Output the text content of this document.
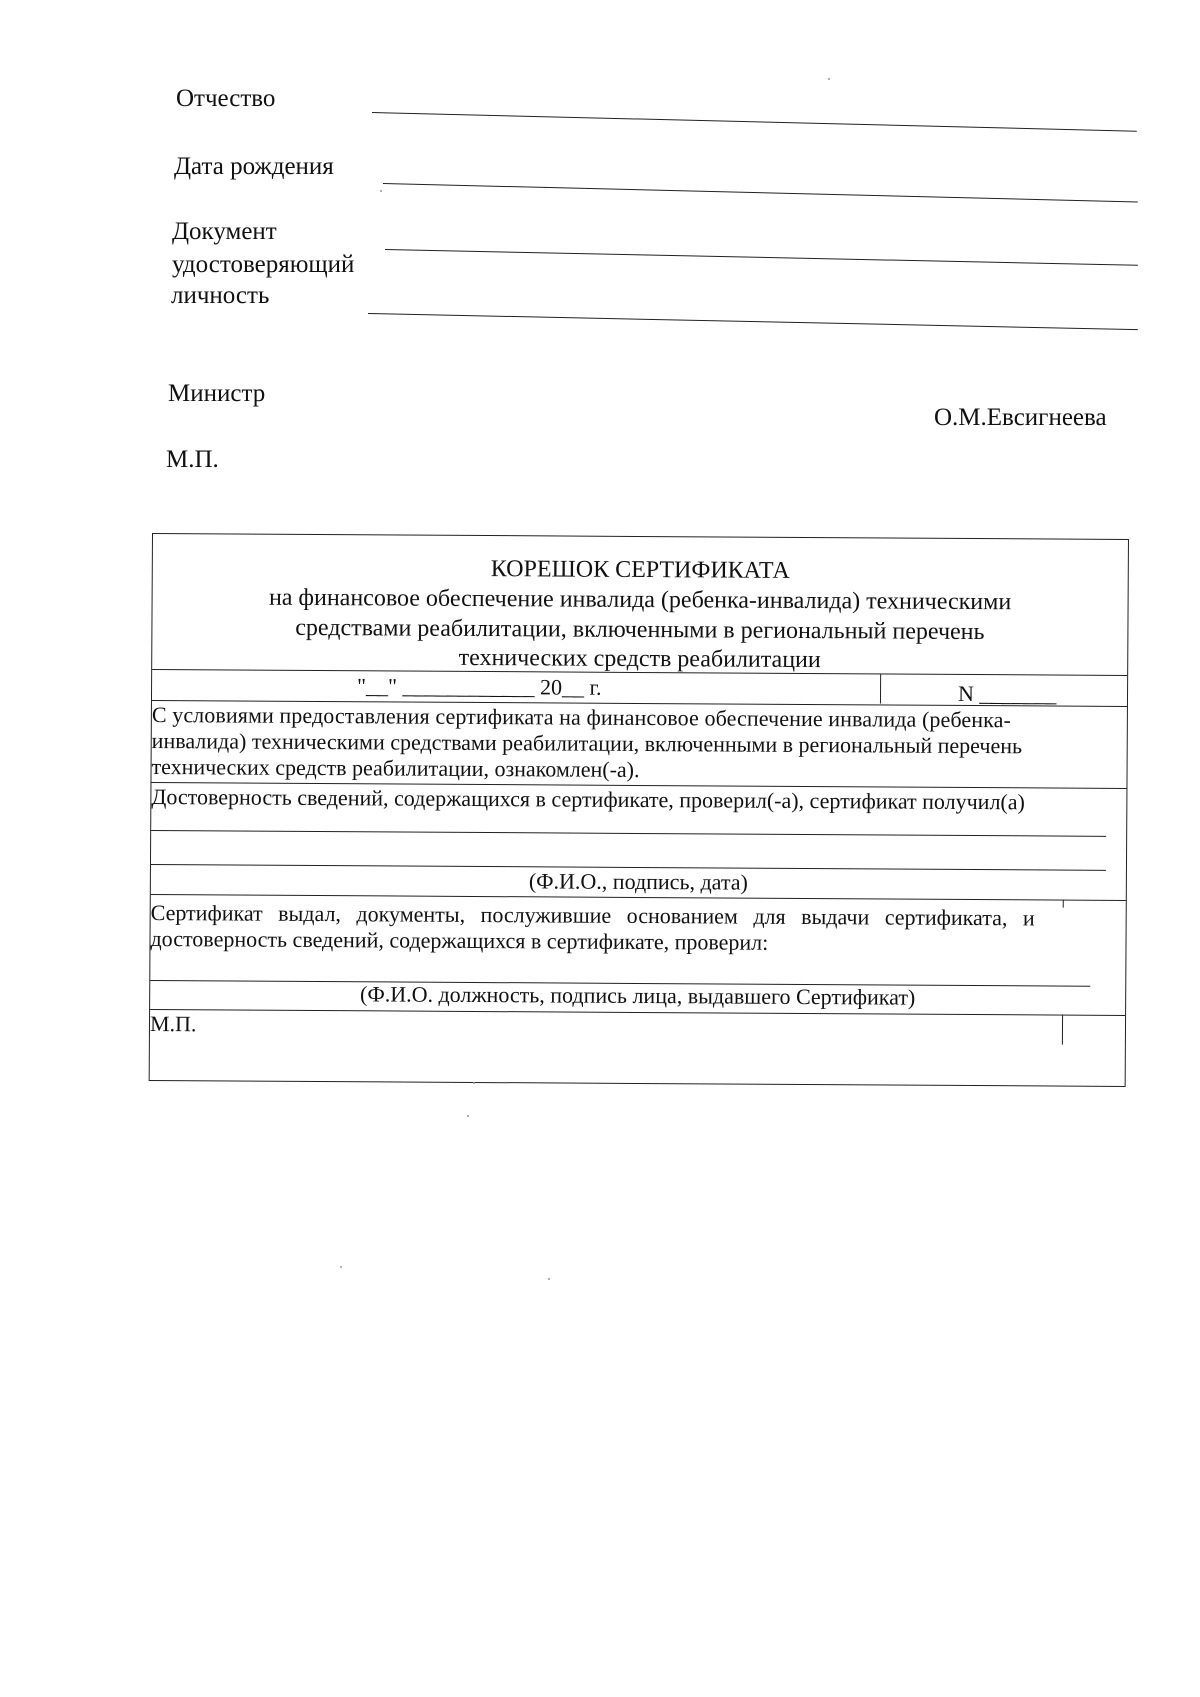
Отчество
Дата рождения
Документ
удостоверяющий
личность
Министр
О.М.Евсигнеева
М.П.
КОРЕШОК СЕРТИФИКАТА
на финансовое обеспечение инвалида (ребенка-инвалида) техническими
средствами реабилитации, включенными в региональный перечень
технических средств реабилитации
"__" ____________ 20__ г.	N _______
С условиями предоставления сертификата на финансовое обеспечение инвалида (ребенка-
инвалида) техническими средствами реабилитации, включенными в региональный перечень
технических средств реабилитации, ознакомлен(-а).
Достоверность сведений, содержащихся в сертификате, проверил(-а), сертификат получил(а)
(Ф.И.О., подпись, дата)
Сертификат выдал, документы, послужившие основанием для выдачи сертификата, и
достоверность сведений, содержащихся в сертификате, проверил:
(Ф.И.О. должность, подпись лица, выдавшего Сертификат)
М.П.
